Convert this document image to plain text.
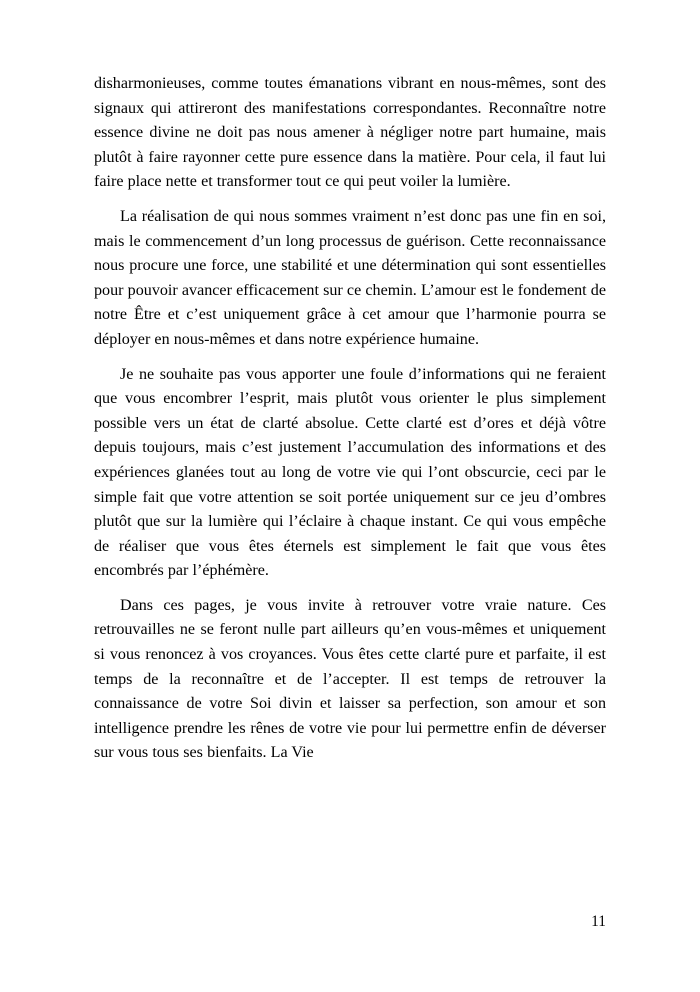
disharmonieuses, comme toutes émanations vibrant en nous-mêmes, sont des signaux qui attireront des manifestations correspondantes. Reconnaître notre essence divine ne doit pas nous amener à négliger notre part humaine, mais plutôt à faire rayonner cette pure essence dans la matière. Pour cela, il faut lui faire place nette et transformer tout ce qui peut voiler la lumière.

La réalisation de qui nous sommes vraiment n’est donc pas une fin en soi, mais le commencement d’un long processus de guérison. Cette reconnaissance nous procure une force, une stabilité et une détermination qui sont essentielles pour pouvoir avancer efficacement sur ce chemin. L’amour est le fondement de notre Être et c’est uniquement grâce à cet amour que l’harmonie pourra se déployer en nous-mêmes et dans notre expérience humaine.

Je ne souhaite pas vous apporter une foule d’informations qui ne feraient que vous encombrer l’esprit, mais plutôt vous orienter le plus simplement possible vers un état de clarté absolue. Cette clarté est d’ores et déjà vôtre depuis toujours, mais c’est justement l’accumulation des informations et des expériences glanées tout au long de votre vie qui l’ont obscurcie, ceci par le simple fait que votre attention se soit portée uniquement sur ce jeu d’ombres plutôt que sur la lumière qui l’éclaire à chaque instant. Ce qui vous empêche de réaliser que vous êtes éternels est simplement le fait que vous êtes encombrés par l’éphémère.

Dans ces pages, je vous invite à retrouver votre vraie nature. Ces retrouvailles ne se feront nulle part ailleurs qu’en vous-mêmes et uniquement si vous renoncez à vos croyances. Vous êtes cette clarté pure et parfaite, il est temps de la reconnaître et de l’accepter. Il est temps de retrouver la connaissance de votre Soi divin et laisser sa perfection, son amour et son intelligence prendre les rênes de votre vie pour lui permettre enfin de déverser sur vous tous ses bienfaits. La Vie

11
